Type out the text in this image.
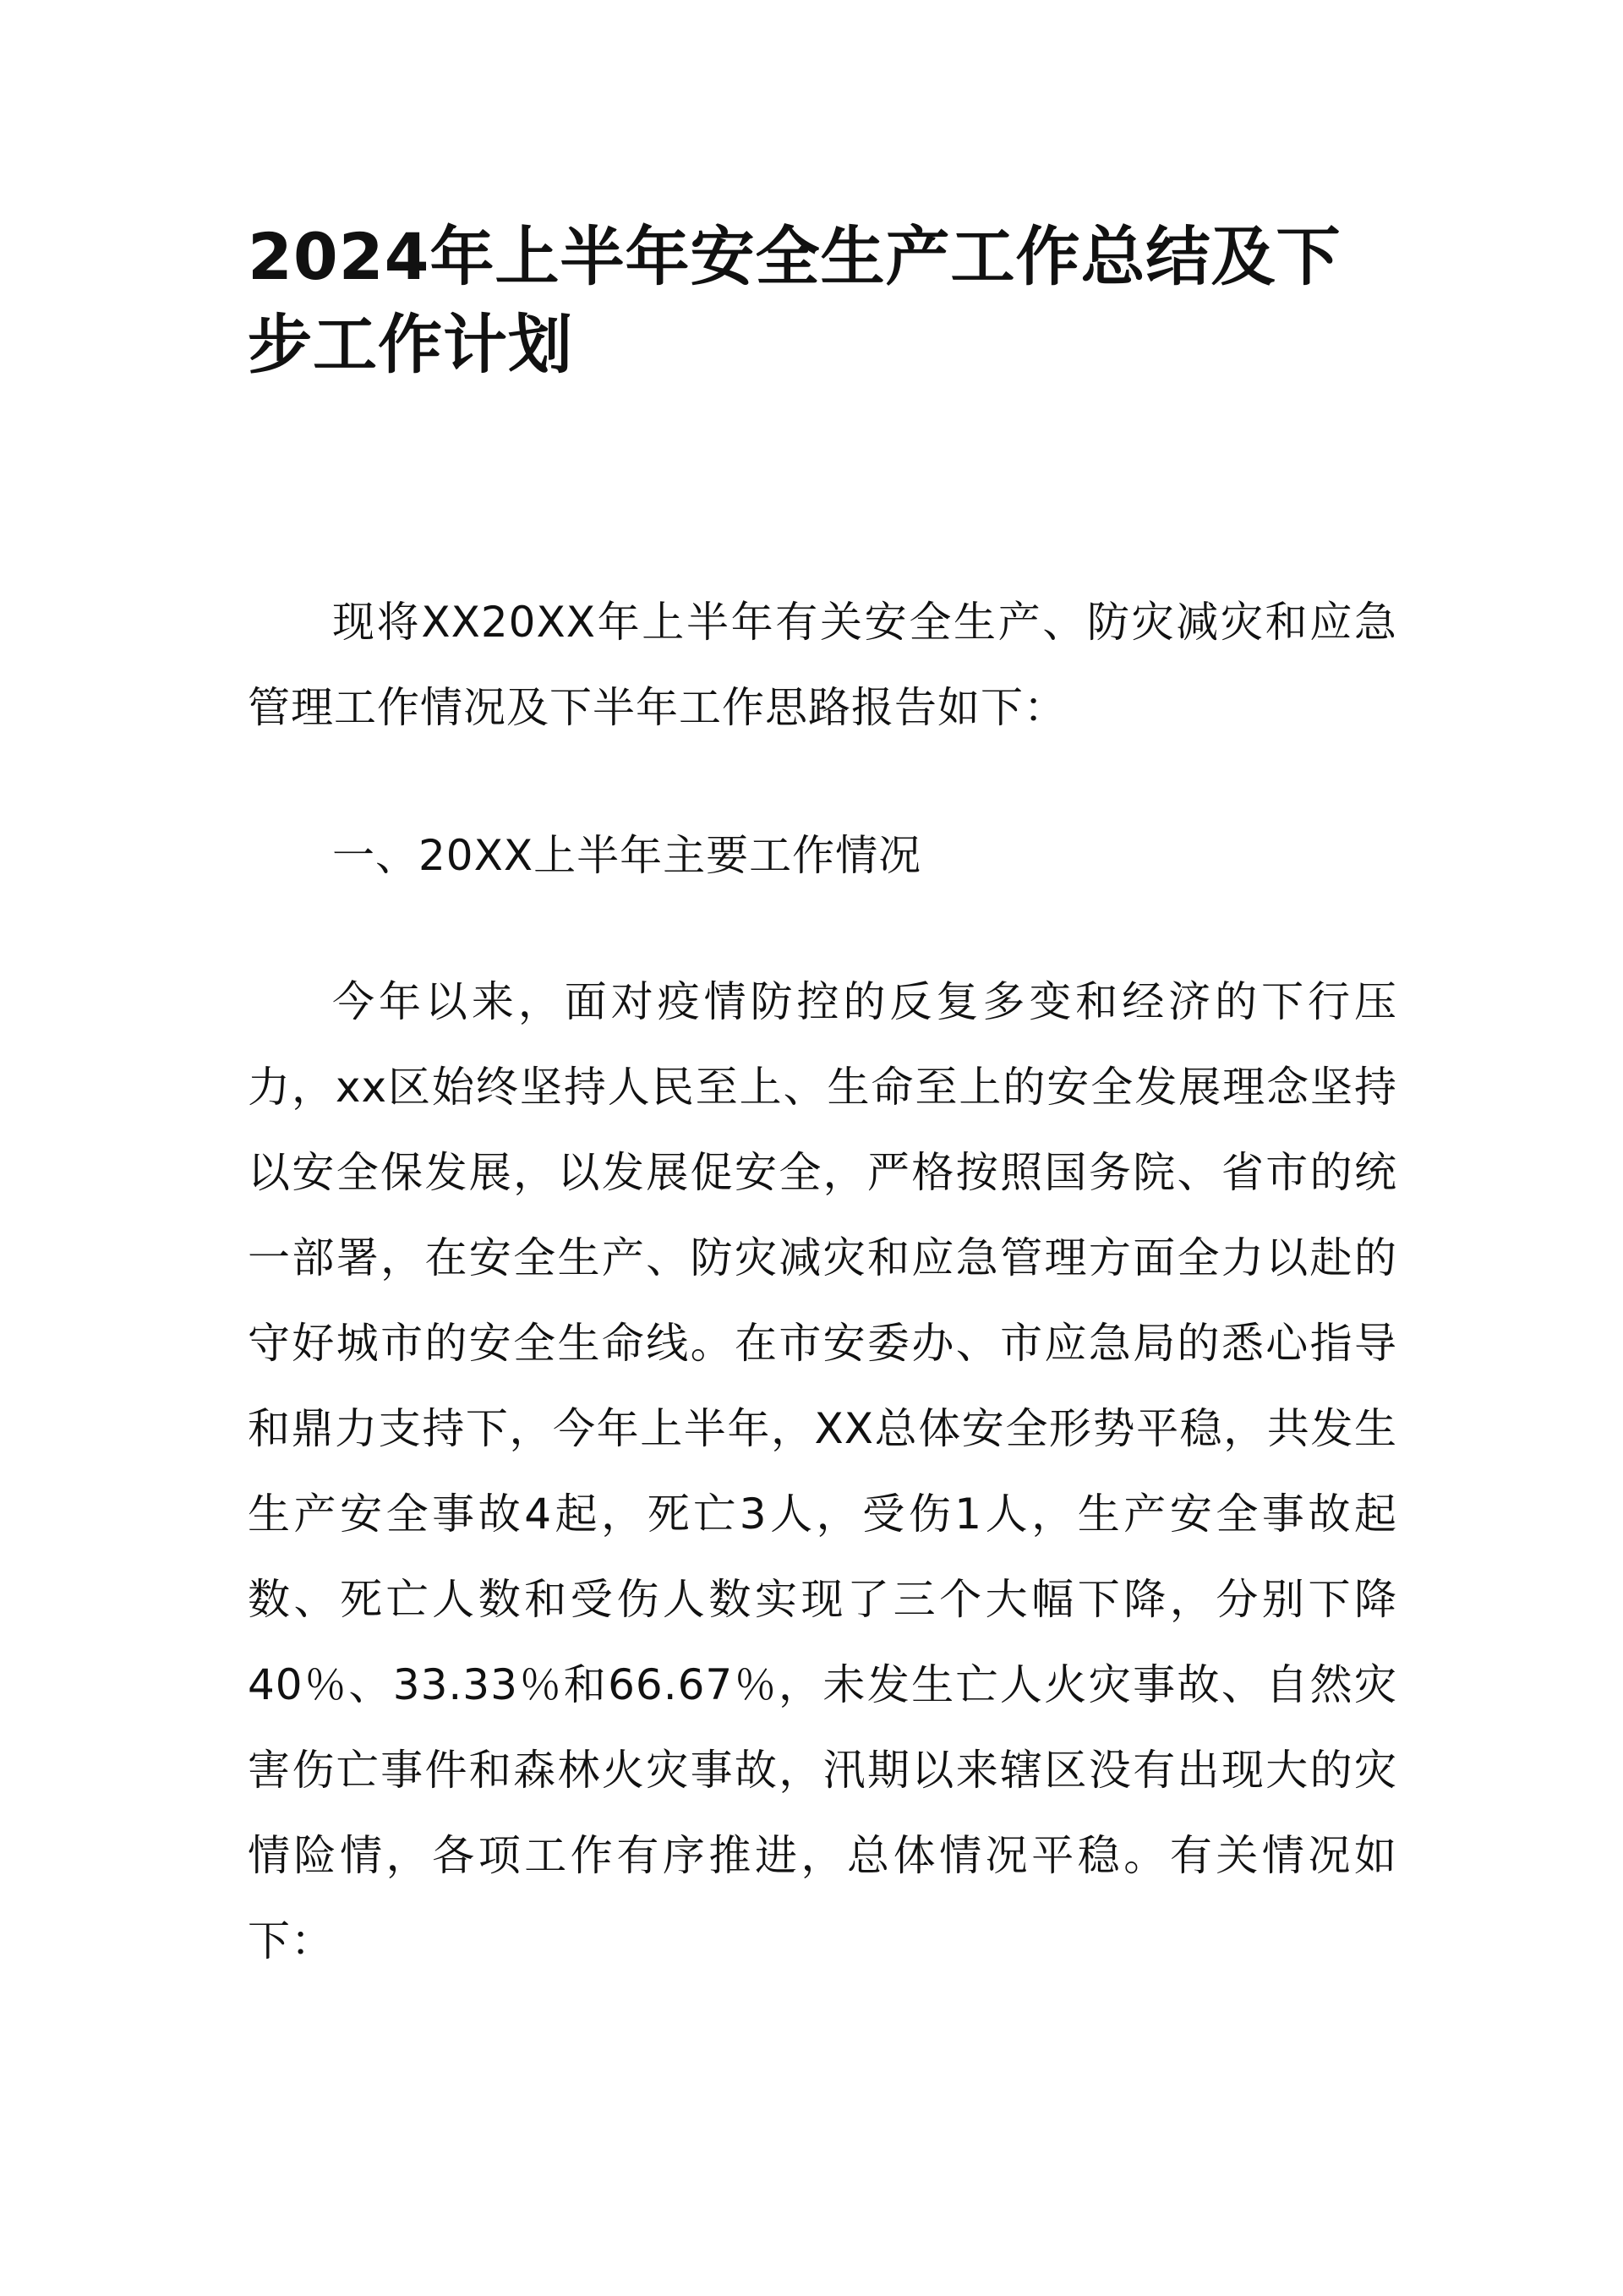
2024年上半年安全生产工作总结及下步工作计划

现将XX20XX年上半年有关安全生产、防灾减灾和应急管理工作情况及下半年工作思路报告如下：

一、20XX上半年主要工作情况

今年以来，面对疫情防控的反复多变和经济的下行压力，xx区始终坚持人民至上、生命至上的安全发展理念坚持以安全保发展，以发展促安全，严格按照国务院、省市的统一部署，在安全生产、防灾减灾和应急管理方面全力以赴的守好城市的安全生命线。在市安委办、市应急局的悉心指导和鼎力支持下，今年上半年，XX总体安全形势平稳，共发生生产安全事故4起，死亡3人，受伤1人，生产安全事故起数、死亡人数和受伤人数实现了三个大幅下降，分别下降40％、33.33％和66.67％，未发生亡人火灾事故、自然灾害伤亡事件和森林火灾事故，汛期以来辖区没有出现大的灾情险情，各项工作有序推进，总体情况平稳。有关情况如下：
